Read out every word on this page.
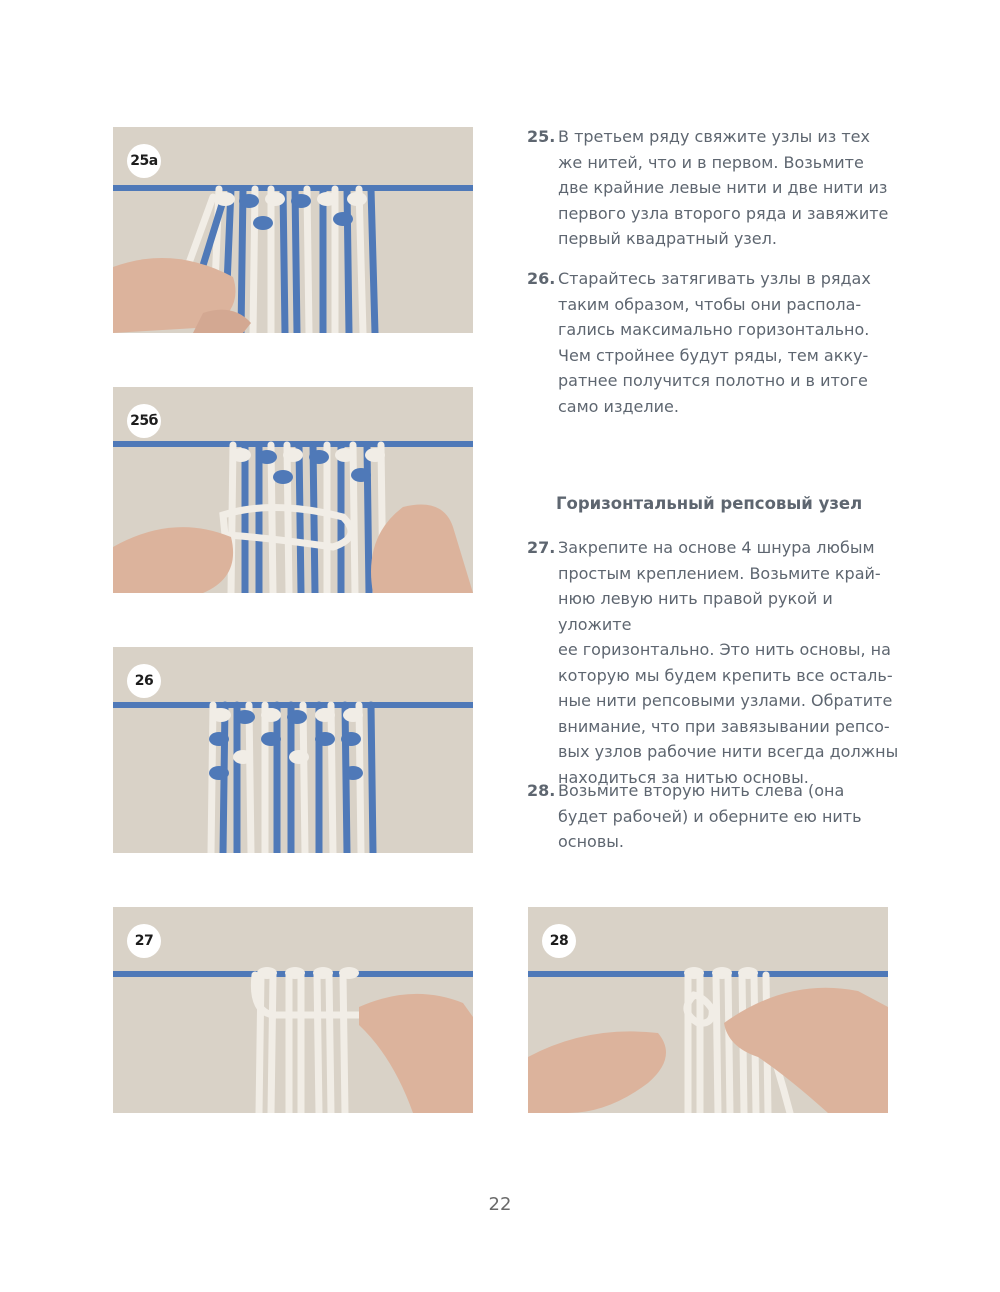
25а
25б
26
27	28
25. В третьем ряду свяжите узлы из тех
же нитей, что и в первом. Возьмите
две крайние левые нити и две нити из
первого узла второго ряда и завяжите
первый квадратный узел.
26. Старайтесь затягивать узлы в рядах
таким образом, чтобы они распола-
гались максимально горизонтально.
Чем стройнее будут ряды, тем акку-
ратнее получится полотно и в итоге
само изделие.
Горизонтальный репсовый узел
27. Закрепите на основе 4 шнура любым
простым креплением. Возьмите край-
нюю левую нить правой рукой и уложите
ее горизонтально. Это нить основы, на
которую мы будем крепить все осталь-
ные нити репсовыми узлами. Обратите
внимание, что при завязывании репсо-
вых узлов рабочие нити всегда должны
находиться за нитью основы.
28. Возьмите вторую нить слева (она
будет рабочей) и оберните ею нить
основы.
22
